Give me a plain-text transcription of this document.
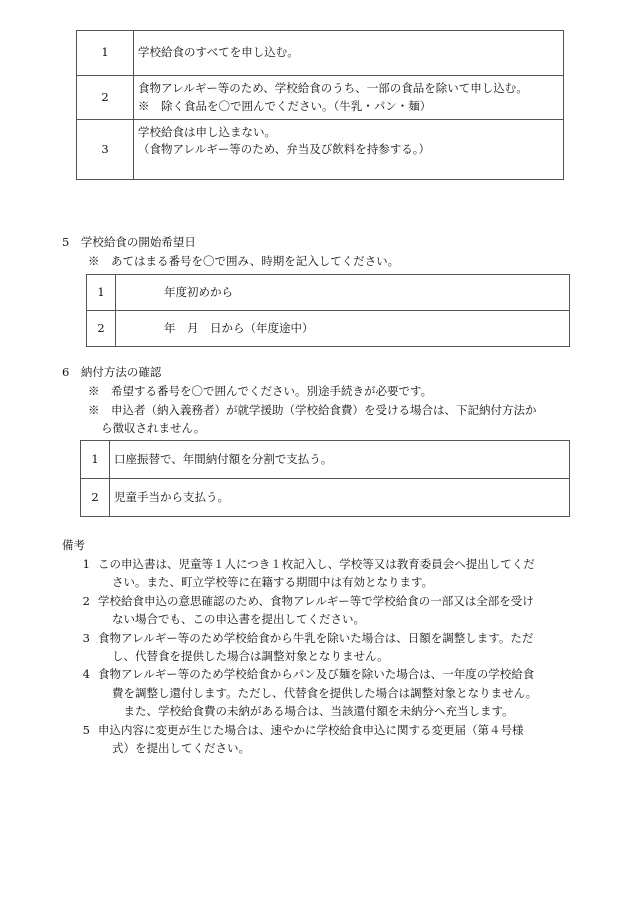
1	学校給食のすべてを申し込む。

2	食物アレルギー等のため、学校給食のうち、一部の食品を除いて申し込む。
※　除く食品を〇で囲んでください。（牛乳・パン・麺）

3	学校給食は申し込まない。
（食物アレルギー等のため、弁当及び飲料を持参する。）
5　学校給食の開始希望日
※　あてはまる番号を〇で囲み、時期を記入してください。
1	年度初めから
2	年　月　日から（年度途中）
6　納付方法の確認
※　希望する番号を〇で囲んでください。別途手続きが必要です。
※　申込者（納入義務者）が就学援助（学校給食費）を受ける場合は、下記納付方法か
ら徴収されません。
1	口座振替で、年間納付額を分割で支払う。
2	児童手当から支払う。
備考
1 この申込書は、児童等１人につき１枚記入し、学校等又は教育委員会へ提出してくだ
さい。また、町立学校等に在籍する期間中は有効となります。
2 学校給食申込の意思確認のため、食物アレルギー等で学校給食の一部又は全部を受け
ない場合でも、この申込書を提出してください。
3 食物アレルギー等のため学校給食から牛乳を除いた場合は、日額を調整します。ただ
し、代替食を提供した場合は調整対象となりません。
4 食物アレルギー等のため学校給食からパン及び麺を除いた場合は、一年度の学校給食
費を調整し還付します。ただし、代替食を提供した場合は調整対象となりません。
　また、学校給食費の未納がある場合は、当該還付額を未納分へ充当します。
5 申込内容に変更が生じた場合は、速やかに学校給食申込に関する変更届（第４号様
式）を提出してください。
